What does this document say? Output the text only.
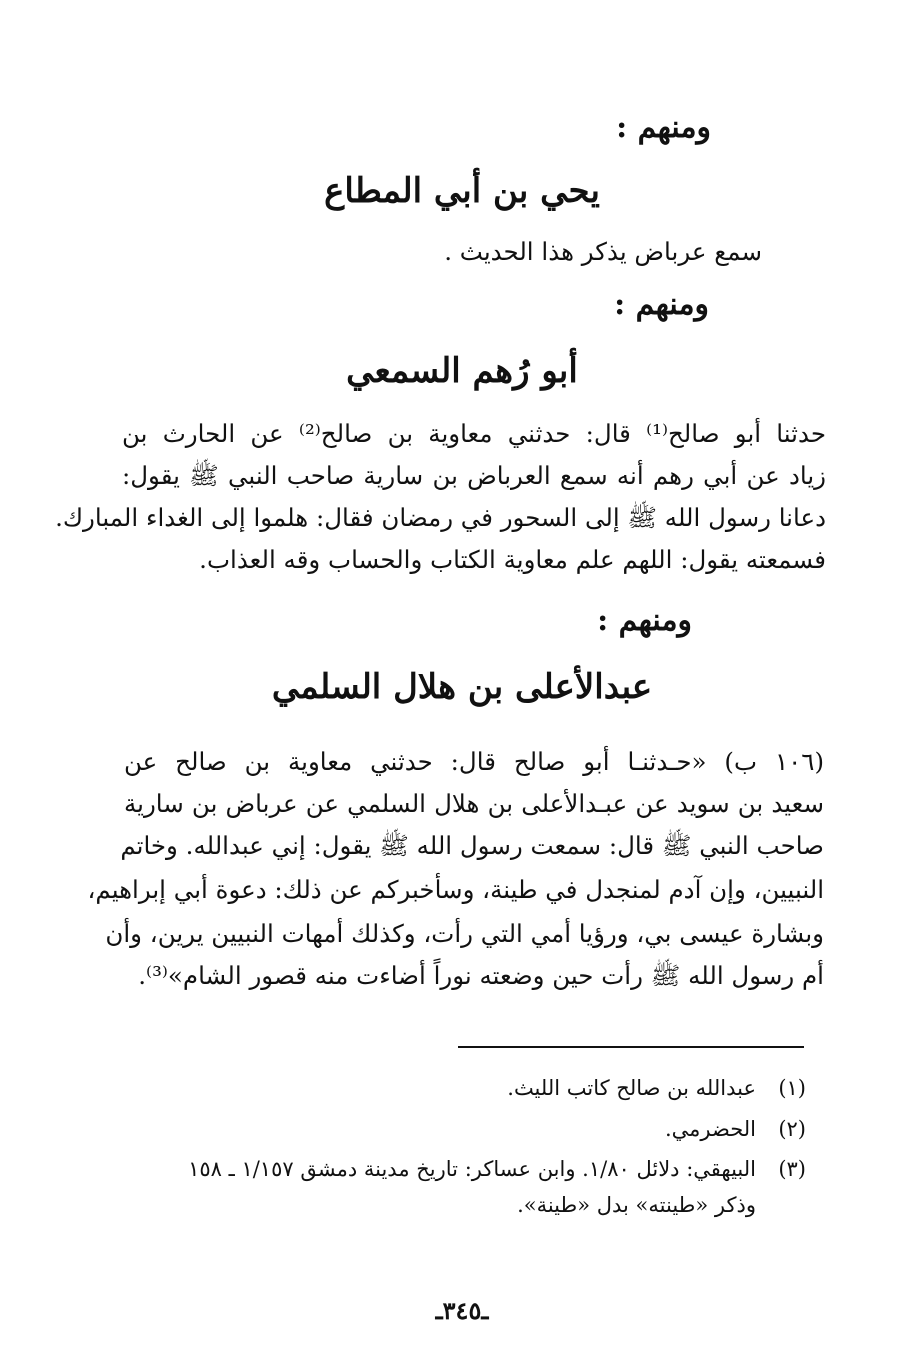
ومنهم :
يحي بن أبي المطاع
سمع عرباض يذكر هذا الحديث .
ومنهم :
أبو رُهم السمعي
حدثنا أبو صالح⁽¹⁾ قال: حدثني معاوية بن صالح⁽²⁾ عن الحارث بن
زياد عن أبي رهم أنه سمع العرباض بن سارية صاحب النبي ﷺ يقول:
دعانا رسول الله ﷺ إلى السحور في رمضان فقال: هلموا إلى الغداء المبارك.
فسمعته يقول: اللهم علم معاوية الكتاب والحساب وقه العذاب.
ومنهم :
عبدالأعلى بن هلال السلمي
(١٠٦ ب) «حـدثنـا أبو صالح قال: حدثني معاوية بن صالح عن
سعيد بن سويد عن عبـدالأعلى بن هلال السلمي عن عرباض بن سارية
صاحب النبي ﷺ قال: سمعت رسول الله ﷺ يقول: إني عبدالله. وخاتم
النبيين، وإن آدم لمنجدل في طينة، وسأخبركم عن ذلك: دعوة أبي إبراهيم،
وبشارة عيسى بي، ورؤيا أمي التي رأت، وكذلك أمهات النبيين يرين، وأن
أم رسول الله ﷺ رأت حين وضعته نوراً أضاءت منه قصور الشام»⁽³⁾.
(١)عبدالله بن صالح كاتب الليث.
(٢)الحضرمي.
(٣)البيهقي: دلائل ١/٨٠. وابن عساكر: تاريخ مدينة دمشق ١/١٥٧ ـ ١٥٨
وذكر «طينته» بدل «طينة».
ـ٣٤٥ـ
